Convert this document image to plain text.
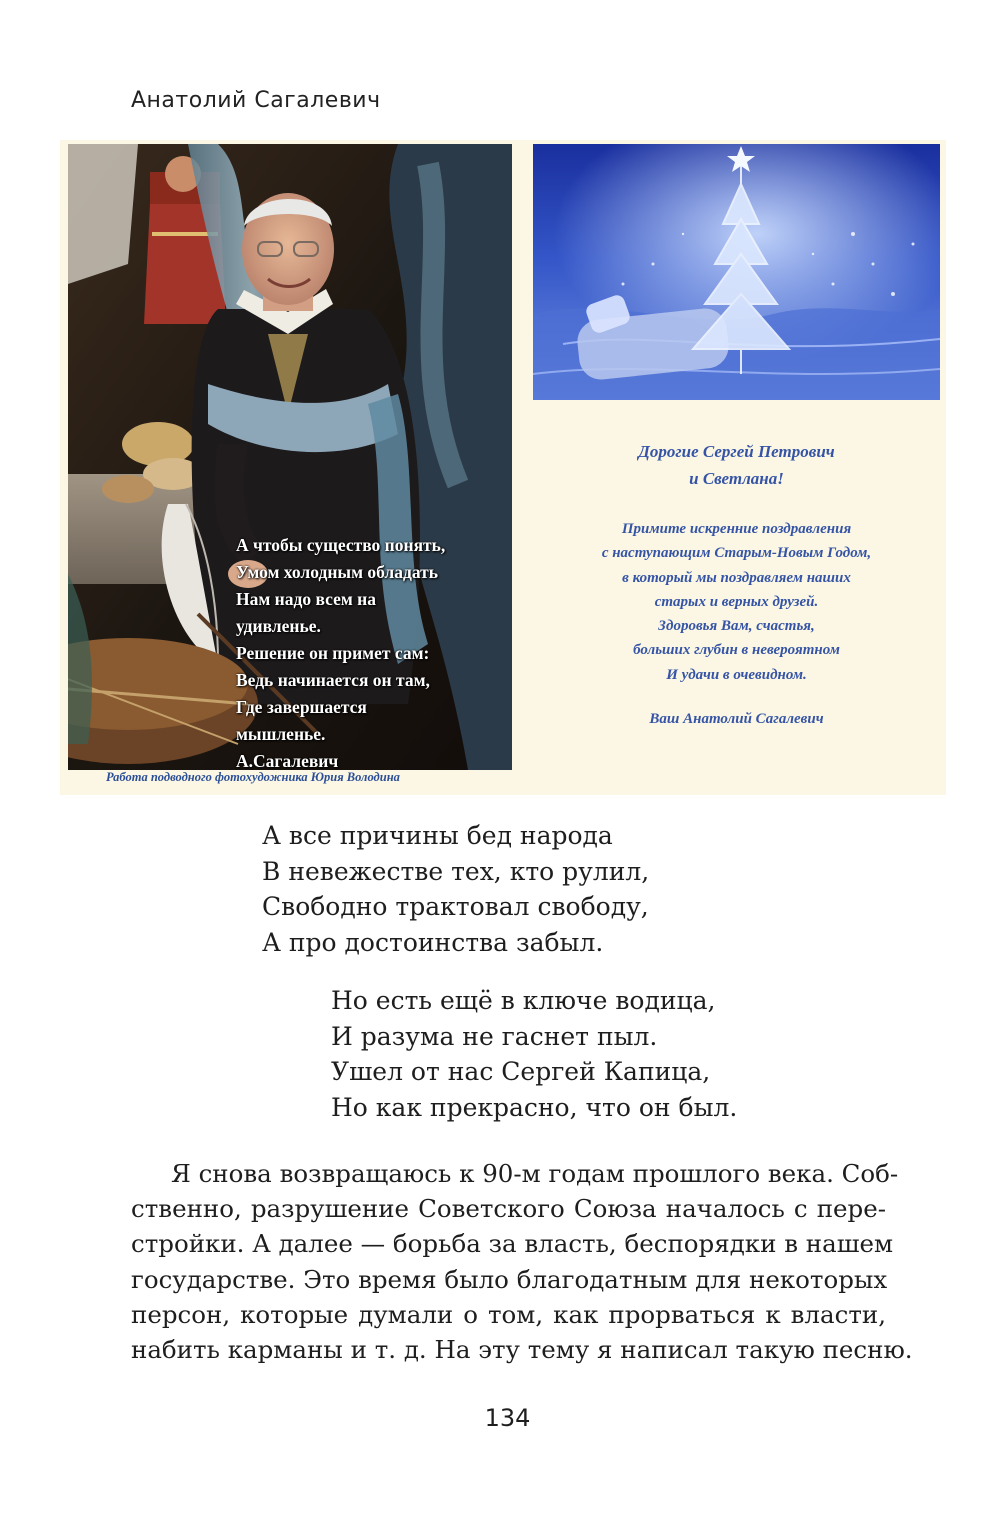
Анатолий Сагалевич
А чтобы существо понять,
Умом холодным обладать
Нам надо всем на
удивленье.
Решение он примет сам:
Ведь начинается он там,
Где завершается
мышленье.
А.Сагалевич
Работа подводного фотохудожника Юрия Володина
Дорогие Сергей Петрович
и Светлана!
Примите искренние поздравления
с наступающим Старым-Новым Годом,
в который мы поздравляем наших
старых и верных друзей.
Здоровья Вам, счастья,
больших глубин в невероятном
И удачи в очевидном.
Ваш Анатолий Сагалевич
А все причины бед народа
В невежестве тех, кто рулил,
Свободно трактовал свободу,
А про достоинства забыл.
Но есть ещё в ключе водица,
И разума не гаснет пыл.
Ушел от нас Сергей Капица,
Но как прекрасно, что он был.
Я снова возвращаюсь к 90-м годам прошлого века. Соб-
ственно, разрушение Советского Союза началось с пере-
стройки. А далее — борьба за власть, беспорядки в нашем
государстве. Это время было благодатным для некоторых
персон, которые думали о том, как прорваться к власти,
набить карманы и т. д. На эту тему я написал такую песню.
134
